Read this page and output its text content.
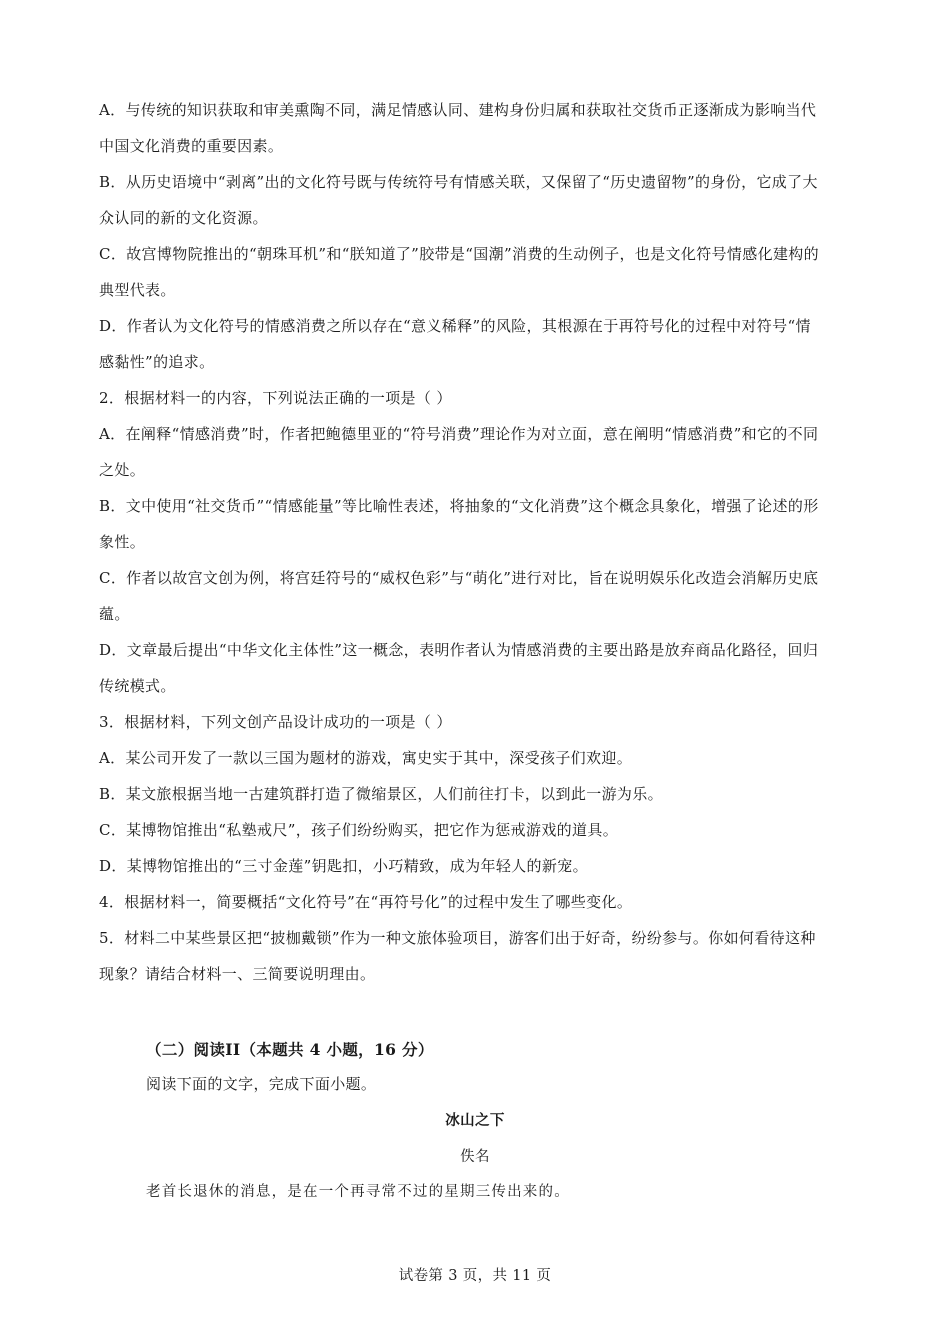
A．与传统的知识获取和审美熏陶不同，满足情感认同、建构身份归属和获取社交货币正逐渐成为影响当代
中国文化消费的重要因素。
B．从历史语境中“剥离”出的文化符号既与传统符号有情感关联，又保留了“历史遗留物”的身份，它成了大
众认同的新的文化资源。
C．故宫博物院推出的“朝珠耳机”和“朕知道了”胶带是“国潮”消费的生动例子，也是文化符号情感化建构的
典型代表。
D．作者认为文化符号的情感消费之所以存在“意义稀释”的风险，其根源在于再符号化的过程中对符号“情
感黏性”的追求。
2．根据材料一的内容，下列说法正确的一项是（ ）
A．在阐释“情感消费”时，作者把鲍德里亚的“符号消费”理论作为对立面，意在阐明“情感消费”和它的不同
之处。
B．文中使用“社交货币”“情感能量”等比喻性表述，将抽象的“文化消费”这个概念具象化，增强了论述的形
象性。
C．作者以故宫文创为例，将宫廷符号的“威权色彩”与“萌化”进行对比，旨在说明娱乐化改造会消解历史底
蕴。
D．文章最后提出“中华文化主体性”这一概念，表明作者认为情感消费的主要出路是放弃商品化路径，回归
传统模式。
3．根据材料，下列文创产品设计成功的一项是（ ）
A．某公司开发了一款以三国为题材的游戏，寓史实于其中，深受孩子们欢迎。
B．某文旅根据当地一古建筑群打造了微缩景区，人们前往打卡，以到此一游为乐。
C．某博物馆推出“私塾戒尺”，孩子们纷纷购买，把它作为惩戒游戏的道具。
D．某博物馆推出的“三寸金莲”钥匙扣，小巧精致，成为年轻人的新宠。
4．根据材料一，简要概括“文化符号”在“再符号化”的过程中发生了哪些变化。
5．材料二中某些景区把“披枷戴锁”作为一种文旅体验项目，游客们出于好奇，纷纷参与。你如何看待这种
现象？请结合材料一、三简要说明理由。
（二）阅读II（本题共 4 小题，16 分）
阅读下面的文字，完成下面小题。
冰山之下
佚名
老首长退休的消息，是在一个再寻常不过的星期三传出来的。
试卷第 3 页，共 11 页
